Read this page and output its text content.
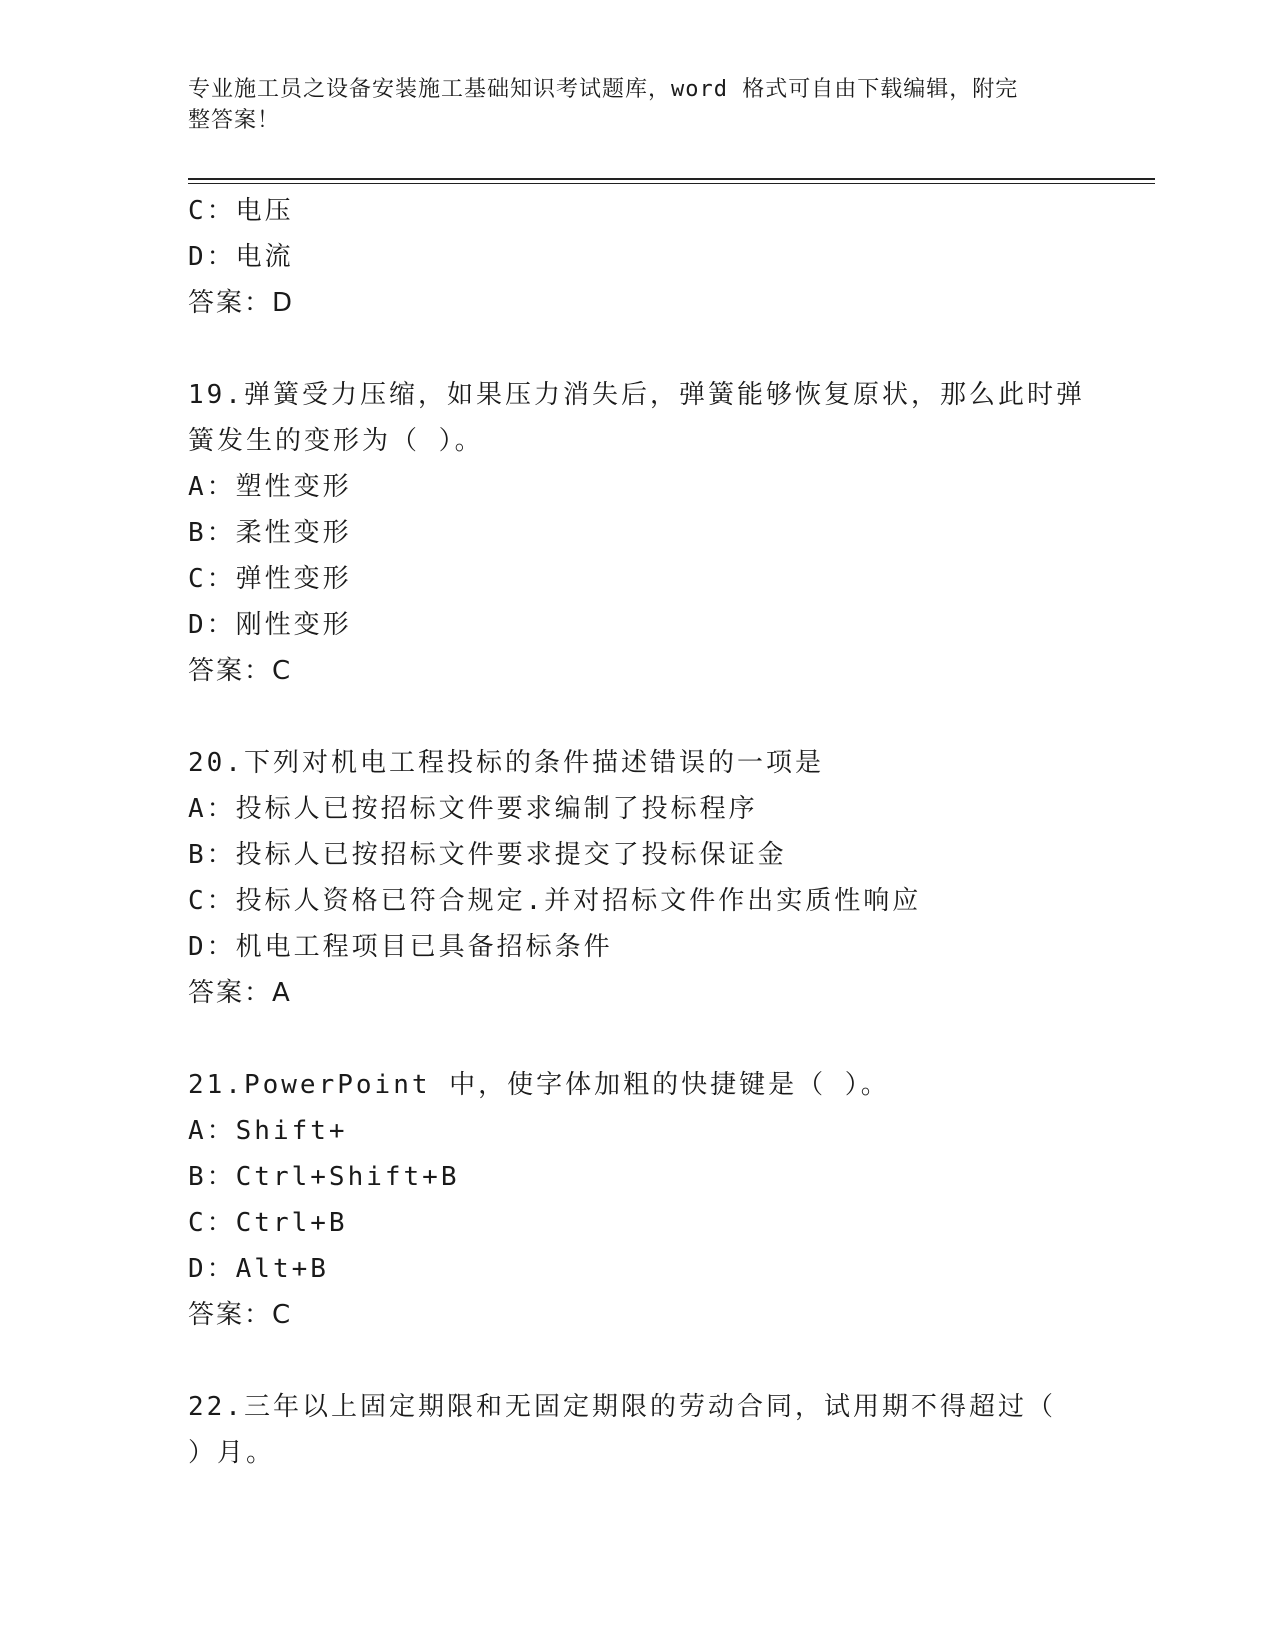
专业施工员之设备安装施工基础知识考试题库，word 格式可自由下载编辑，附完
整答案！
C：电压
D：电流
答案：D
19.弹簧受力压缩，如果压力消失后，弹簧能够恢复原状，那么此时弹
簧发生的变形为（ ）。
A：塑性变形
B：柔性变形
C：弹性变形
D：刚性变形
答案：C
20.下列对机电工程投标的条件描述错误的一项是
A：投标人已按招标文件要求编制了投标程序
B：投标人已按招标文件要求提交了投标保证金
C：投标人资格已符合规定.并对招标文件作出实质性响应
D：机电工程项目已具备招标条件
答案：A
21.PowerPoint 中，使字体加粗的快捷键是（ ）。
A：Shift+
B：Ctrl+Shift+B
C：Ctrl+B
D：Alt+B
答案：C
22.三年以上固定期限和无固定期限的劳动合同，试用期不得超过（
）月。
